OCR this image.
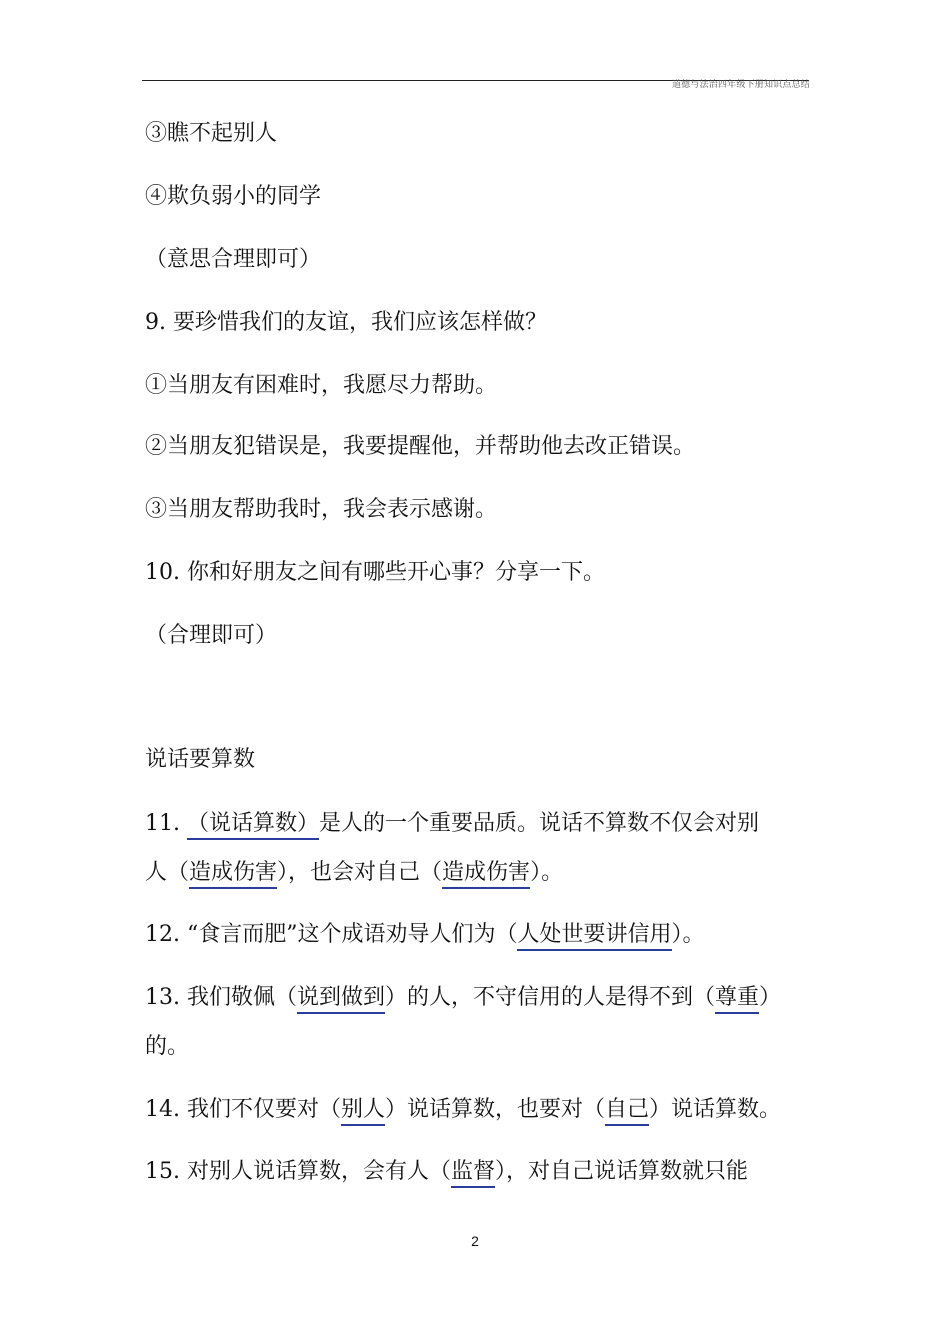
道德与法治四年级下册知识点总结
③瞧不起别人
④欺负弱小的同学
（意思合理即可）
9. 要珍惜我们的友谊，我们应该怎样做？
①当朋友有困难时，我愿尽力帮助。
②当朋友犯错误是，我要提醒他，并帮助他去改正错误。
③当朋友帮助我时，我会表示感谢。
10. 你和好朋友之间有哪些开心事？分享一下。
（合理即可）
说话要算数
11. （说话算数）是人的一个重要品质。说话不算数不仅会对别
人（造成伤害），也会对自己（造成伤害）。
12. “食言而肥”这个成语劝导人们为（人处世要讲信用）。
13. 我们敬佩（说到做到）的人，不守信用的人是得不到（尊重）
的。
14. 我们不仅要对（别人）说话算数，也要对（自己）说话算数。
15. 对别人说话算数，会有人（监督），对自己说话算数就只能
2
